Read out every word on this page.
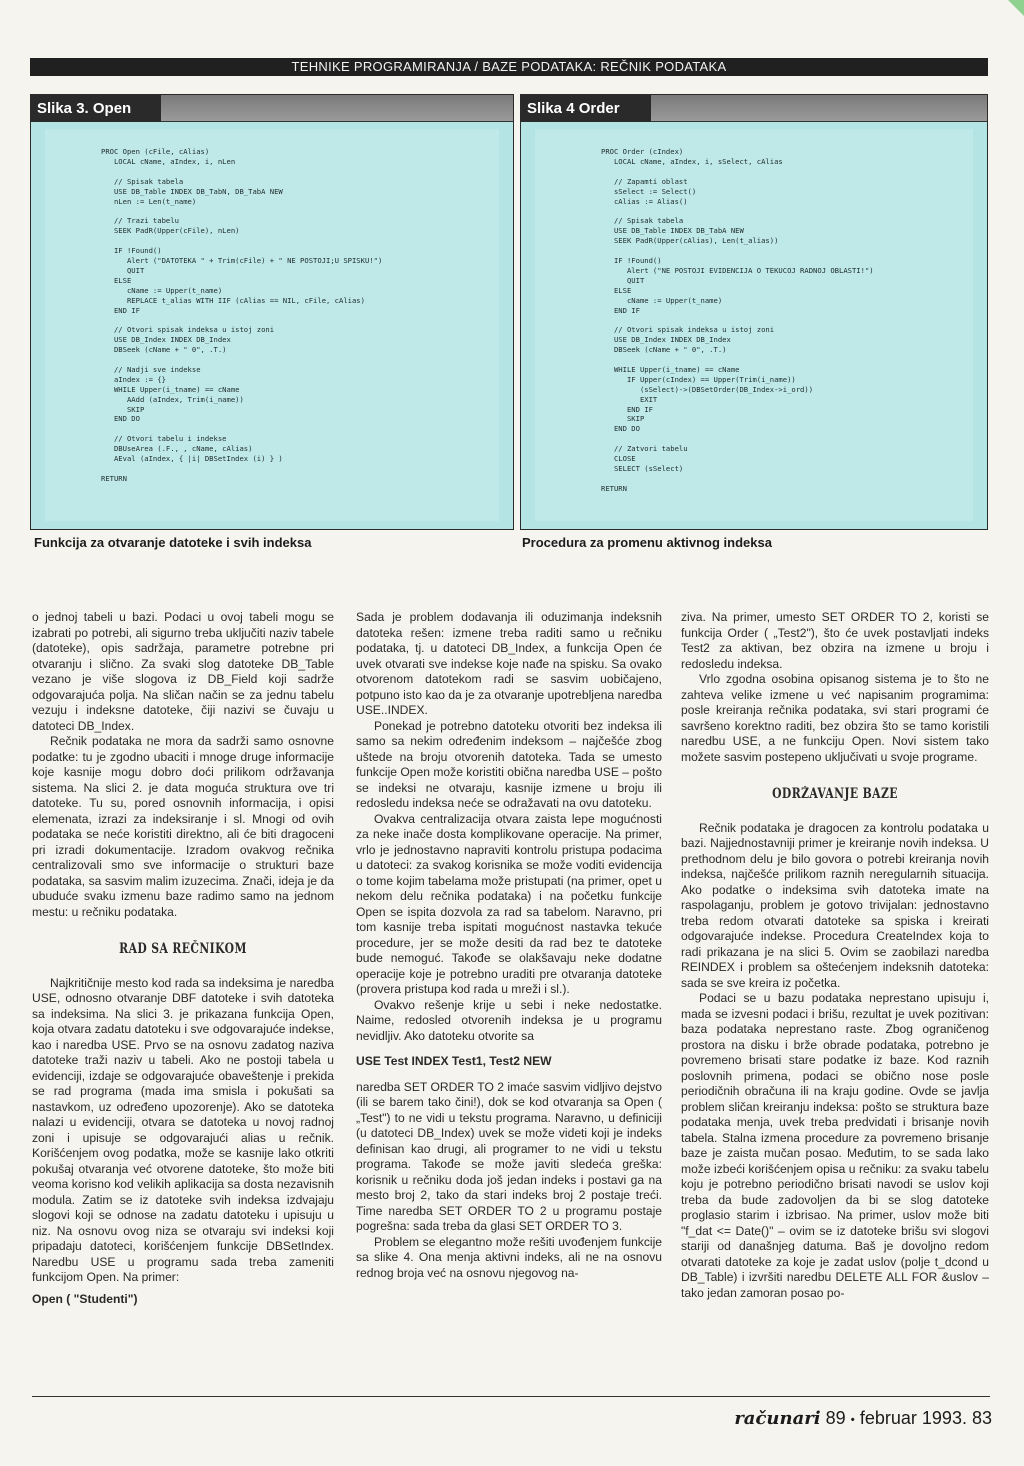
TEHNIKE PROGRAMIRANJA / BAZE PODATAKA: REČNIK PODATAKA
Slika 3. Open
PROC Open (cFile, cAlias)
LOCAL cName, aIndex, i, nLen

// Spisak tabela
USE DB_Table INDEX DB_TabN, DB_TabA NEW
nLen := Len(t_name)

// Trazi tabelu
SEEK PadR(Upper(cFile), nLen)

IF !Found()
Alert ("DATOTEKA " + Trim(cFile) + " NE POSTOJI;U SPISKU!")
QUIT
ELSE
cName := Upper(t_name)
REPLACE t_alias WITH IIF (cAlias == NIL, cFile, cAlias)
END IF

// Otvori spisak indeksa u istoj zoni
USE DB_Index INDEX DB_Index
DBSeek (cName + " 0", .T.)

// Nadji sve indekse
aIndex := {}
WHILE Upper(i_tname) == cName
AAdd (aIndex, Trim(i_name))
SKIP
END DO

// Otvori tabelu i indekse
DBUseArea (.F., , cName, cAlias)
AEval (aIndex, { |i| DBSetIndex (i) } )

RETURN
Slika 4 Order
PROC Order (cIndex)
LOCAL cName, aIndex, i, sSelect, cAlias

// Zapamti oblast
sSelect := Select()
cAlias := Alias()

// Spisak tabela
USE DB_Table INDEX DB_TabA NEW
SEEK PadR(Upper(cAlias), Len(t_alias))

IF !Found()
Alert ("NE POSTOJI EVIDENCIJA O TEKUCOJ RADNOJ OBLASTI!")
QUIT
ELSE
cName := Upper(t_name)
END IF

// Otvori spisak indeksa u istoj zoni
USE DB_Index INDEX DB_Index
DBSeek (cName + " 0", .T.)

WHILE Upper(i_tname) == cName
IF Upper(cIndex) == Upper(Trim(i_name))
(sSelect)->(DBSetOrder(DB_Index->i_ord))
EXIT
END IF
SKIP
END DO

// Zatvori tabelu
CLOSE
SELECT (sSelect)

RETURN
Funkcija za otvaranje datoteke i svih indeksa	Procedura za promenu aktivnog indeksa

o jednoj tabeli u bazi. Podaci u ovoj tabeli mogu se izabrati po potrebi, ali sigurno treba uključiti naziv tabele (datoteke), opis sadržaja, parametre potrebne pri otvaranju i slično. Za svaki slog datoteke DB_Table vezano je više slogova iz DB_Field koji sadrže odgovarajuća polja. Na sličan način se za jednu tabelu vezuju i indeksne datoteke, čiji nazivi se čuvaju u datoteci DB_Index.

Rečnik podataka ne mora da sadrži samo osnovne podatke: tu je zgodno ubaciti i mnoge druge informacije koje kasnije mogu dobro doći prilikom održavanja sistema. Na slici 2. je data moguća struktura ove tri datoteke. Tu su, pored osnovnih informacija, i opisi elemenata, izrazi za indeksiranje i sl. Mnogi od ovih podataka se neće koristiti direktno, ali će biti dragoceni pri izradi dokumentacije. Izradom ovakvog rečnika centralizovali smo sve informacije o strukturi baze podataka, sa sasvim malim izuzecima. Znači, ideja je da ubuduće svaku izmenu baze radimo samo na jednom mestu: u rečniku podataka.

RAD SA REČNIKOM

Najkritičnije mesto kod rada sa indeksima je naredba USE, odnosno otvaranje DBF datoteke i svih datoteka sa indeksima. Na slici 3. je prikazana funkcija Open, koja otvara zadatu datoteku i sve odgovarajuće indekse, kao i naredba USE. Prvo se na osnovu zadatog naziva datoteke traži naziv u tabeli. Ako ne postoji tabela u evidenciji, izdaje se odgovarajuće obaveštenje i prekida se rad programa (mada ima smisla i pokušati sa nastavkom, uz određeno upozorenje). Ako se datoteka nalazi u evidenciji, otvara se datoteka u novoj radnoj zoni i upisuje se odgovarajući alias u rečnik. Korišćenjem ovog podatka, može se kasnije lako otkriti pokušaj otvaranja već otvorene datoteke, što može biti veoma korisno kod velikih aplikacija sa dosta nezavisnih modula. Zatim se iz datoteke svih indeksa izdvajaju slogovi koji se odnose na zadatu datoteku i upisuju u niz. Na osnovu ovog niza se otvaraju svi indeksi koji pripadaju datoteci, korišćenjem funkcije DBSetIndex. Naredbu USE u programu sada treba zameniti funkcijom Open. Na primer:

Open ( "Studenti")

Sada je problem dodavanja ili oduzimanja indeksnih datoteka rešen: izmene treba raditi samo u rečniku podataka, tj. u datoteci DB_Index, a funkcija Open će uvek otvarati sve indekse koje nađe na spisku. Sa ovako otvorenom datotekom radi se sasvim uobičajeno, potpuno isto kao da je za otvaranje upotrebljena naredba USE..INDEX.

Ponekad je potrebno datoteku otvoriti bez indeksa ili samo sa nekim određenim indeksom – najčešće zbog uštede na broju otvorenih datoteka. Tada se umesto funkcije Open može koristiti obična naredba USE – pošto se indeksi ne otvaraju, kasnije izmene u broju ili redosledu indeksa neće se odražavati na ovu datoteku.

Ovakva centralizacija otvara zaista lepe mogućnosti za neke inače dosta komplikovane operacije. Na primer, vrlo je jednostavno napraviti kontrolu pristupa podacima u datoteci: za svakog korisnika se može voditi evidencija o tome kojim tabelama može pristupati (na primer, opet u nekom delu rečnika podataka) i na početku funkcije Open se ispita dozvola za rad sa tabelom. Naravno, pri tom kasnije treba ispitati mogućnost nastavka tekuće procedure, jer se može desiti da rad bez te datoteke bude nemoguć. Takođe se olakšavaju neke dodatne operacije koje je potrebno uraditi pre otvaranja datoteke (provera pristupa kod rada u mreži i sl.).

Ovakvo rešenje krije u sebi i neke nedostatke. Naime, redosled otvorenih indeksa je u programu nevidljiv. Ako datoteku otvorite sa

USE Test INDEX Test1, Test2 NEW

naredba SET ORDER TO 2 imaće sasvim vidljivo dejstvo (ili se barem tako čini!), dok se kod otvaranja sa Open ( „Test") to ne vidi u tekstu programa. Naravno, u definiciji (u datoteci DB_Index) uvek se može videti koji je indeks definisan kao drugi, ali programer to ne vidi u tekstu programa. Takođe se može javiti sledeća greška: korisnik u rečniku doda još jedan indeks i postavi ga na mesto broj 2, tako da stari indeks broj 2 postaje treći. Time naredba SET ORDER TO 2 u programu postaje pogrešna: sada treba da glasi SET ORDER TO 3.

Problem se elegantno može rešiti uvođenjem funkcije sa slike 4. Ona menja aktivni indeks, ali ne na osnovu rednog broja već na osnovu njegovog na-

ziva. Na primer, umesto SET ORDER TO 2, koristi se funkcija Order ( „Test2"), što će uvek postavljati indeks Test2 za aktivan, bez obzira na izmene u broju i redosledu indeksa.

Vrlo zgodna osobina opisanog sistema je to što ne zahteva velike izmene u već napisanim programima: posle kreiranja rečnika podataka, svi stari programi će savršeno korektno raditi, bez obzira što se tamo koristili naredbu USE, a ne funkciju Open. Novi sistem tako možete sasvim postepeno uključivati u svoje programe.

ODRŽAVANJE BAZE

Rečnik podataka je dragocen za kontrolu podataka u bazi. Najjednostavniji primer je kreiranje novih indeksa. U prethodnom delu je bilo govora o potrebi kreiranja novih indeksa, najčešće prilikom raznih neregularnih situacija. Ako podatke o indeksima svih datoteka imate na raspolaganju, problem je gotovo trivijalan: jednostavno treba redom otvarati datoteke sa spiska i kreirati odgovarajuće indekse. Procedura CreateIndex koja to radi prikazana je na slici 5. Ovim se zaobilazi naredba REINDEX i problem sa oštećenjem indeksnih datoteka: sada se sve kreira iz početka.

Podaci se u bazu podataka neprestano upisuju i, mada se izvesni podaci i brišu, rezultat je uvek pozitivan: baza podataka neprestano raste. Zbog ograničenog prostora na disku i brže obrade podataka, potrebno je povremeno brisati stare podatke iz baze. Kod raznih poslovnih primena, podaci se obično nose posle periodičnih obračuna ili na kraju godine. Ovde se javlja problem sličan kreiranju indeksa: pošto se struktura baze podataka menja, uvek treba predvidati i brisanje novih tabela. Stalna izmena procedure za povremeno brisanje baze je zaista mučan posao. Međutim, to se sada lako može izbeći korišćenjem opisa u rečniku: za svaku tabelu koju je potrebno periodično brisati navodi se uslov koji treba da bude zadovoljen da bi se slog datoteke proglasio starim i izbrisao. Na primer, uslov može biti "f_dat <= Date()" – ovim se iz datoteke brišu svi slogovi stariji od današnjeg datuma. Baš je dovoljno redom otvarati datoteke za koje je zadat uslov (polje t_dcond u DB_Table) i izvršiti naredbu DELETE ALL FOR &uslov – tako jedan zamoran posao po-

računari 89 • februar 1993. 83
